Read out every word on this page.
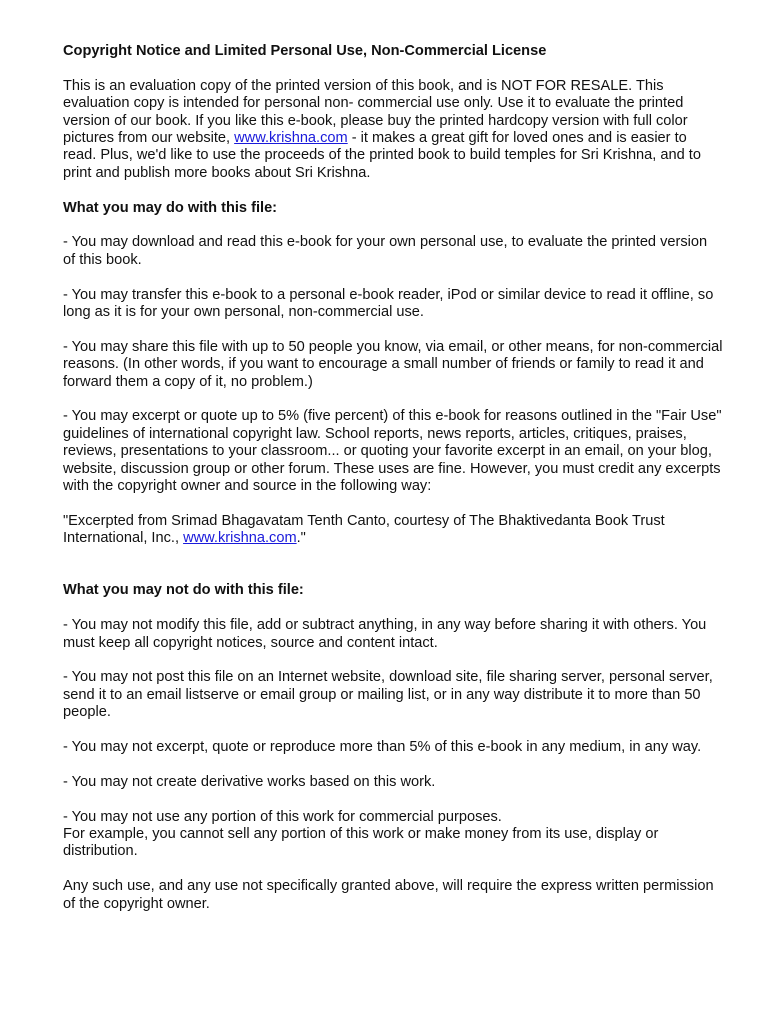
Copyright Notice and Limited Personal Use, Non-Commercial License

This is an evaluation copy of the printed version of this book, and is NOT FOR RESALE. This evaluation copy is intended for personal non- commercial use only. Use it to evaluate the printed version of our book. If you like this e-book, please buy the printed hardcopy version with full color pictures from our website, www.krishna.com - it makes a great gift for loved ones and is easier to read. Plus, we'd like to use the proceeds of the printed book to build temples for Sri Krishna, and to print and publish more books about Sri Krishna.

What you may do with this file:

- You may download and read this e-book for your own personal use, to evaluate the printed version of this book.

- You may transfer this e-book to a personal e-book reader, iPod or similar device to read it offline, so long as it is for your own personal, non-commercial use.

- You may share this file with up to 50 people you know, via email, or other means, for non-commercial reasons. (In other words, if you want to encourage a small number of friends or family to read it and forward them a copy of it, no problem.)

- You may excerpt or quote up to 5% (five percent) of this e-book for reasons outlined in the "Fair Use" guidelines of international copyright law. School reports, news reports, articles, critiques, praises, reviews, presentations to your classroom... or quoting your favorite excerpt in an email, on your blog, website, discussion group or other forum. These uses are fine. However, you must credit any excerpts with the copyright owner and source in the following way:

"Excerpted from Srimad Bhagavatam Tenth Canto, courtesy of The Bhaktivedanta Book Trust International, Inc., www.krishna.com."

What you may not do with this file:

- You may not modify this file, add or subtract anything, in any way before sharing it with others. You must keep all copyright notices, source and content intact.

- You may not post this file on an Internet website, download site, file sharing server, personal server, send it to an email listserve or email group or mailing list, or in any way distribute it to more than 50 people.

- You may not excerpt, quote or reproduce more than 5% of this e-book in any medium, in any way.

- You may not create derivative works based on this work.

- You may not use any portion of this work for commercial purposes.
For example, you cannot sell any portion of this work or make money from its use, display or distribution.

Any such use, and any use not specifically granted above, will require the express written permission of the copyright owner.
